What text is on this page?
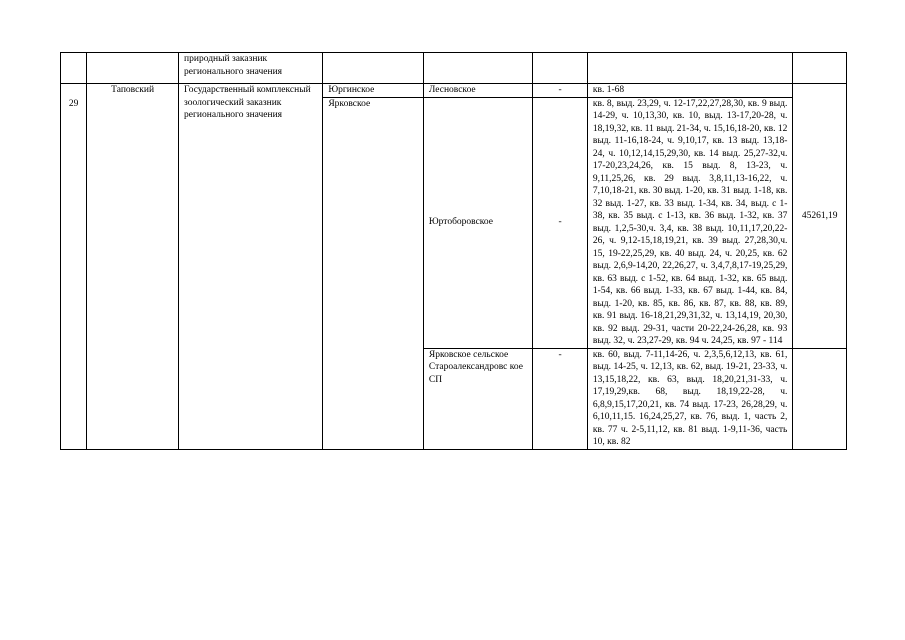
		природный заказник регионального значения					
29	Таповский	Государственный комплексный зоологический заказник регионального значения	Юргинское	Лесновское	-	кв. 1-68	45261,19
			Ярковское	Юртоборовское	-	кв. 8, выд. 23,29, ч. 12-17,22,27,28,30, кв. 9 выд. 14-29, ч. 10,13,30, кв. 10, выд. 13-17,20-28, ч. 18,19,32, кв. 11 выд. 21-34, ч. 15,16,18-20, кв. 12 выд. 11-16,18-24, ч. 9,10,17, кв. 13 выд. 13,18-24, ч. 10,12,14,15,29,30, кв. 14 выд. 25,27-32,ч. 17-20,23,24,26, кв. 15 выд. 8, 13-23, ч. 9,11,25,26, кв. 29 выд. 3,8,11,13-16,22, ч. 7,10,18-21, кв. 30 выд. 1-20, кв. 31 выд. 1-18, кв. 32 выд. 1-27, кв. 33 выд. 1-34, кв. 34, выд. с 1-38, кв. 35 выд. с 1-13, кв. 36 выд. 1-32, кв. 37 выд. 1,2,5-30,ч. 3,4, кв. 38 выд. 10,11,17,20,22-26, ч. 9,12-15,18,19,21, кв. 39 выд. 27,28,30,ч. 15, 19-22,25,29, кв. 40 выд. 24, ч. 20,25, кв. 62 выд. 2,6,9-14,20, 22,26,27, ч. 3,4,7,8,17-19,25,29, кв. 63 выд. с 1-52, кв. 64 выд. 1-32, кв. 65 выд. 1-54, кв. 66 выд. 1-33, кв. 67 выд. 1-44, кв. 84, выд. 1-20, кв. 85, кв. 86, кв. 87, кв. 88, кв. 89, кв. 91 выд. 16-18,21,29,31,32, ч. 13,14,19, 20,30, кв. 92 выд. 29-31, части 20-22,24-26,28, кв. 93 выд. 32, ч. 23,27-29, кв. 94 ч. 24,25, кв. 97 - 114	
				Ярковское сельское Староалександровс кое СП	-	кв. 60, выд. 7-11,14-26, ч. 2,3,5,6,12,13, кв. 61, выд. 14-25, ч. 12,13, кв. 62, выд. 19-21, 23-33, ч. 13,15,18,22, кв. 63, выд. 18,20,21,31-33, ч. 17,19,29,кв. 68, выд. 18,19,22-28, ч. 6,8,9,15,17,20,21, кв. 74 выд. 17-23, 26,28,29, ч. 6,10,11,15. 16,24,25,27, кв. 76, выд. 1, часть 2, кв. 77 ч. 2-5,11,12, кв. 81 выд. 1-9,11-36, часть 10, кв. 82	
